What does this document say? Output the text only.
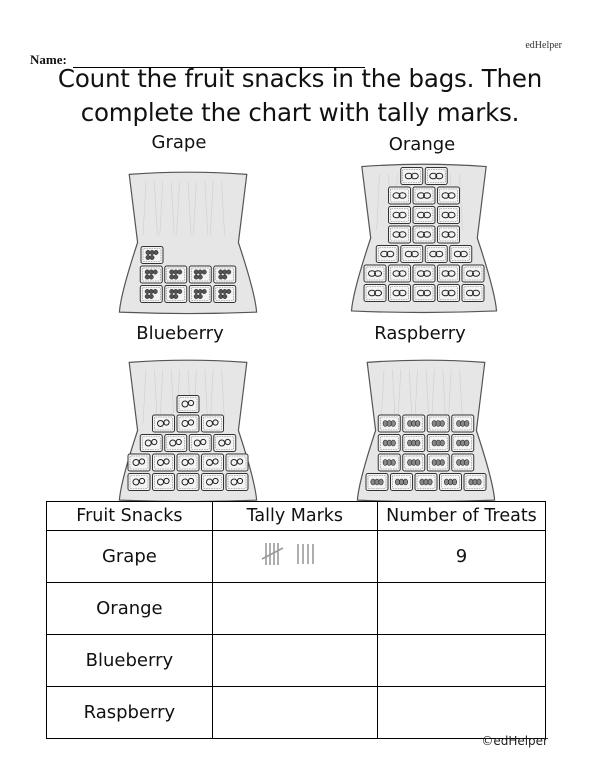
edHelper
Name:
Count the fruit snacks in the bags. Then
complete the chart with tally marks.
Grape	Orange
Blueberry	Raspberry
Fruit Snacks	Tally Marks	Number of Treats
Grape		9
Orange		
Blueberry		
Raspberry		
©edHelper
